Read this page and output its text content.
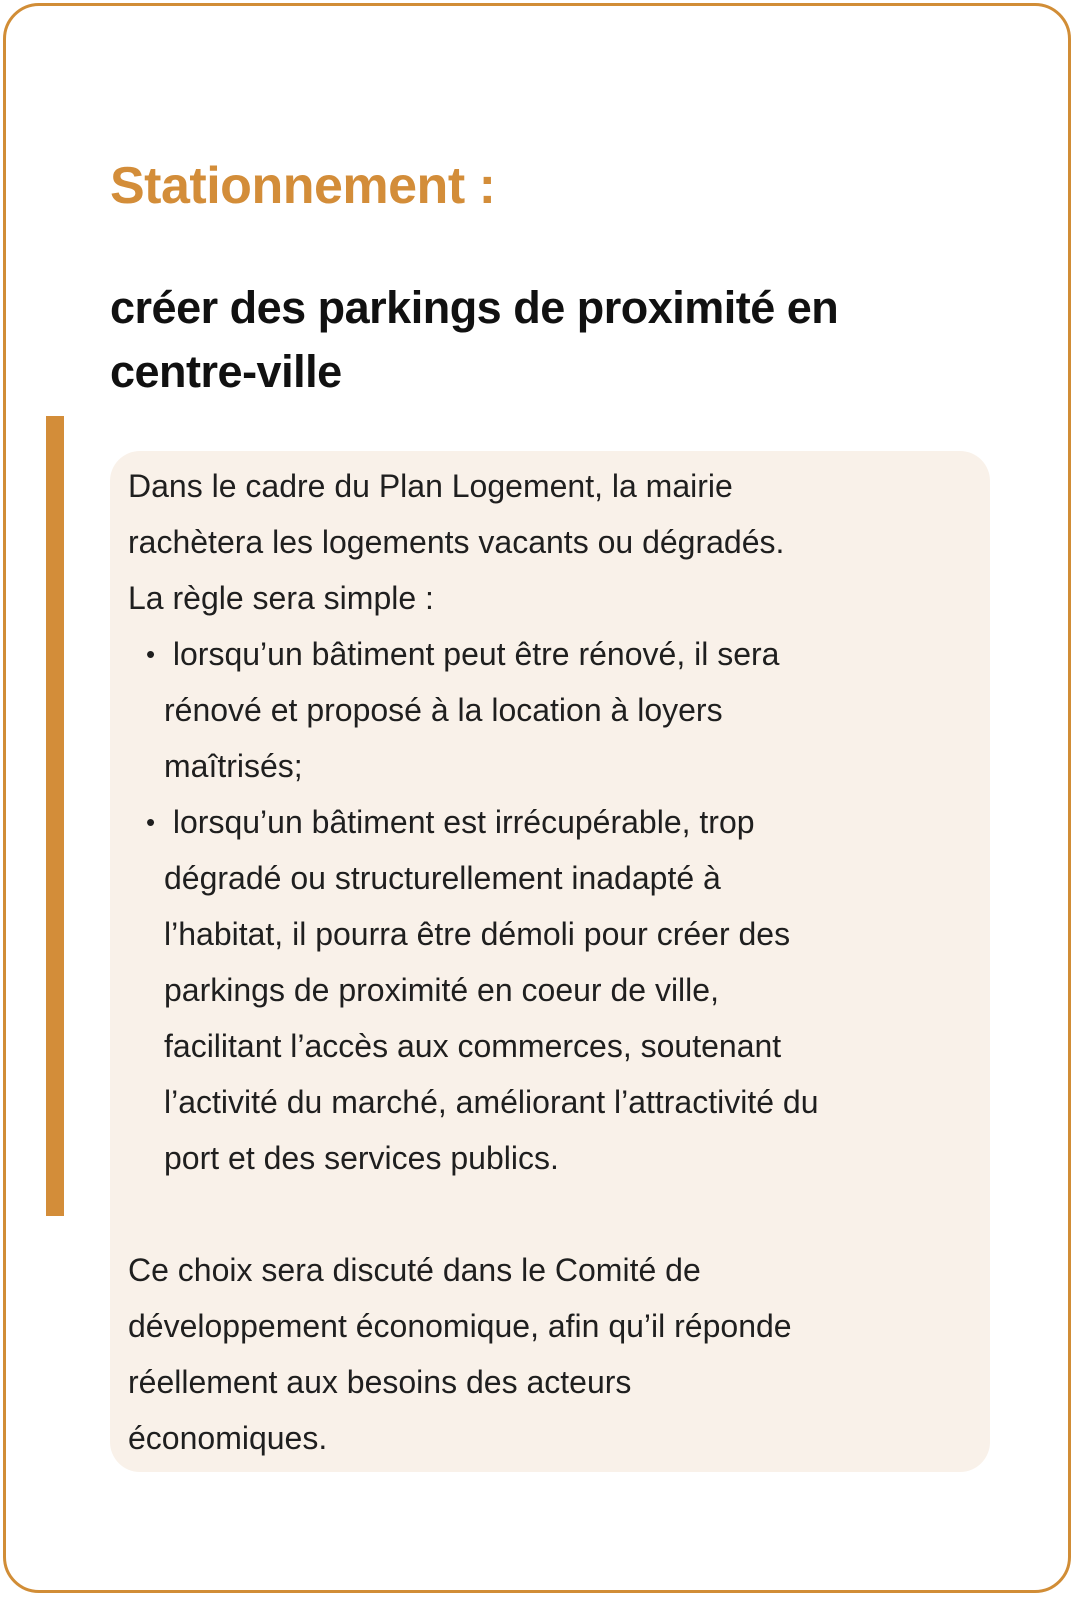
Stationnement :
créer des parkings de proximité en centre-ville

Dans le cadre du Plan Logement, la mairie

rachètera les logements vacants ou dégradés.

La règle sera simple :

• lorsqu’un bâtiment peut être rénové, il sera

rénové et proposé à la location à loyers

maîtrisés;

• lorsqu’un bâtiment est irrécupérable, trop

dégradé ou structurellement inadapté à

l’habitat, il pourra être démoli pour créer des

parkings de proximité en coeur de ville,

facilitant l’accès aux commerces, soutenant

l’activité du marché, améliorant l’attractivité du

port et des services publics.

Ce choix sera discuté dans le Comité de

développement économique, afin qu’il réponde

réellement aux besoins des acteurs

économiques.
